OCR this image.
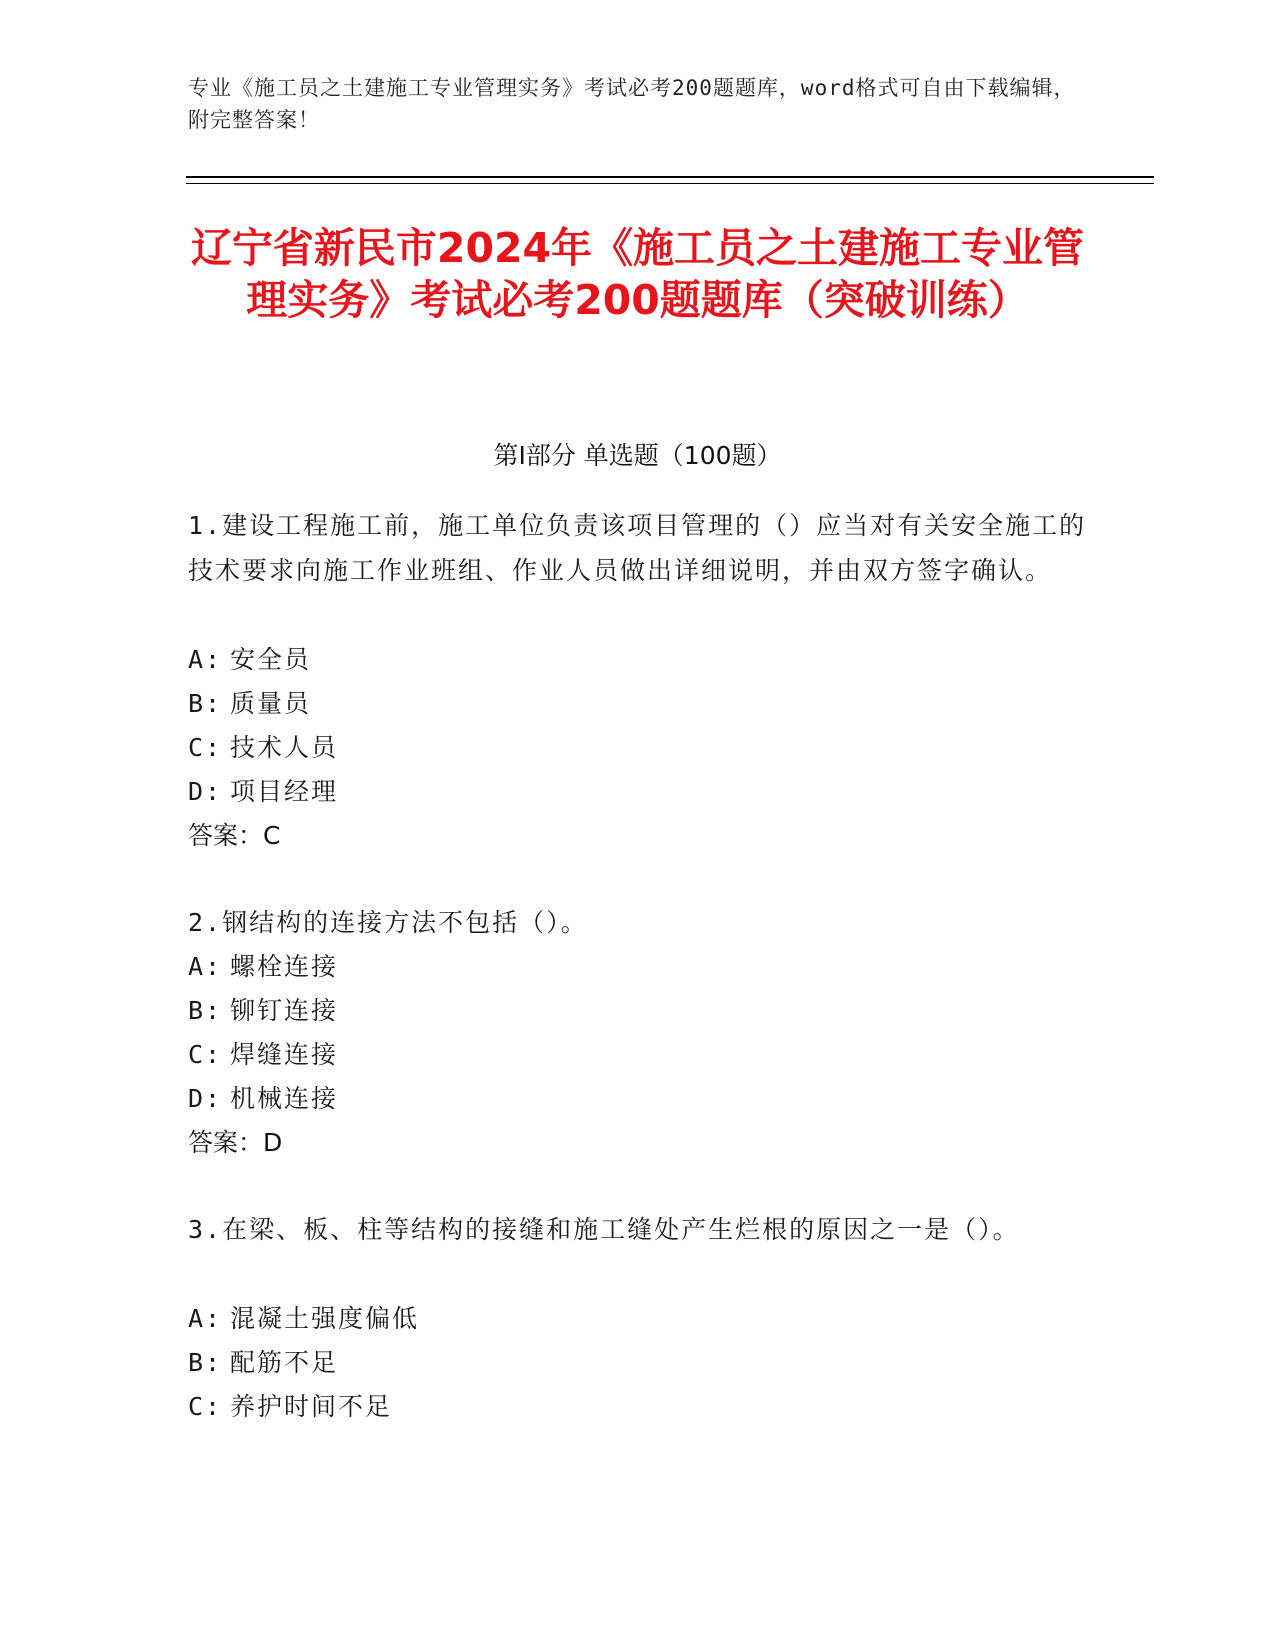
专业《施工员之土建施工专业管理实务》考试必考200题题库，word格式可自由下载编辑，附完整答案！
辽宁省新民市2024年《施工员之土建施工专业管理实务》考试必考200题题库（突破训练）
第Ⅰ部分 单选题（100题）
1.建设工程施工前，施工单位负责该项目管理的（）应当对有关安全施工的技术要求向施工作业班组、作业人员做出详细说明，并由双方签字确认。
A: 安全员
B: 质量员
C: 技术人员
D: 项目经理
答案：C
2.钢结构的连接方法不包括（）。
A: 螺栓连接
B: 铆钉连接
C: 焊缝连接
D: 机械连接
答案：D
3.在梁、板、柱等结构的接缝和施工缝处产生烂根的原因之一是（）。
A: 混凝土强度偏低
B: 配筋不足
C: 养护时间不足
